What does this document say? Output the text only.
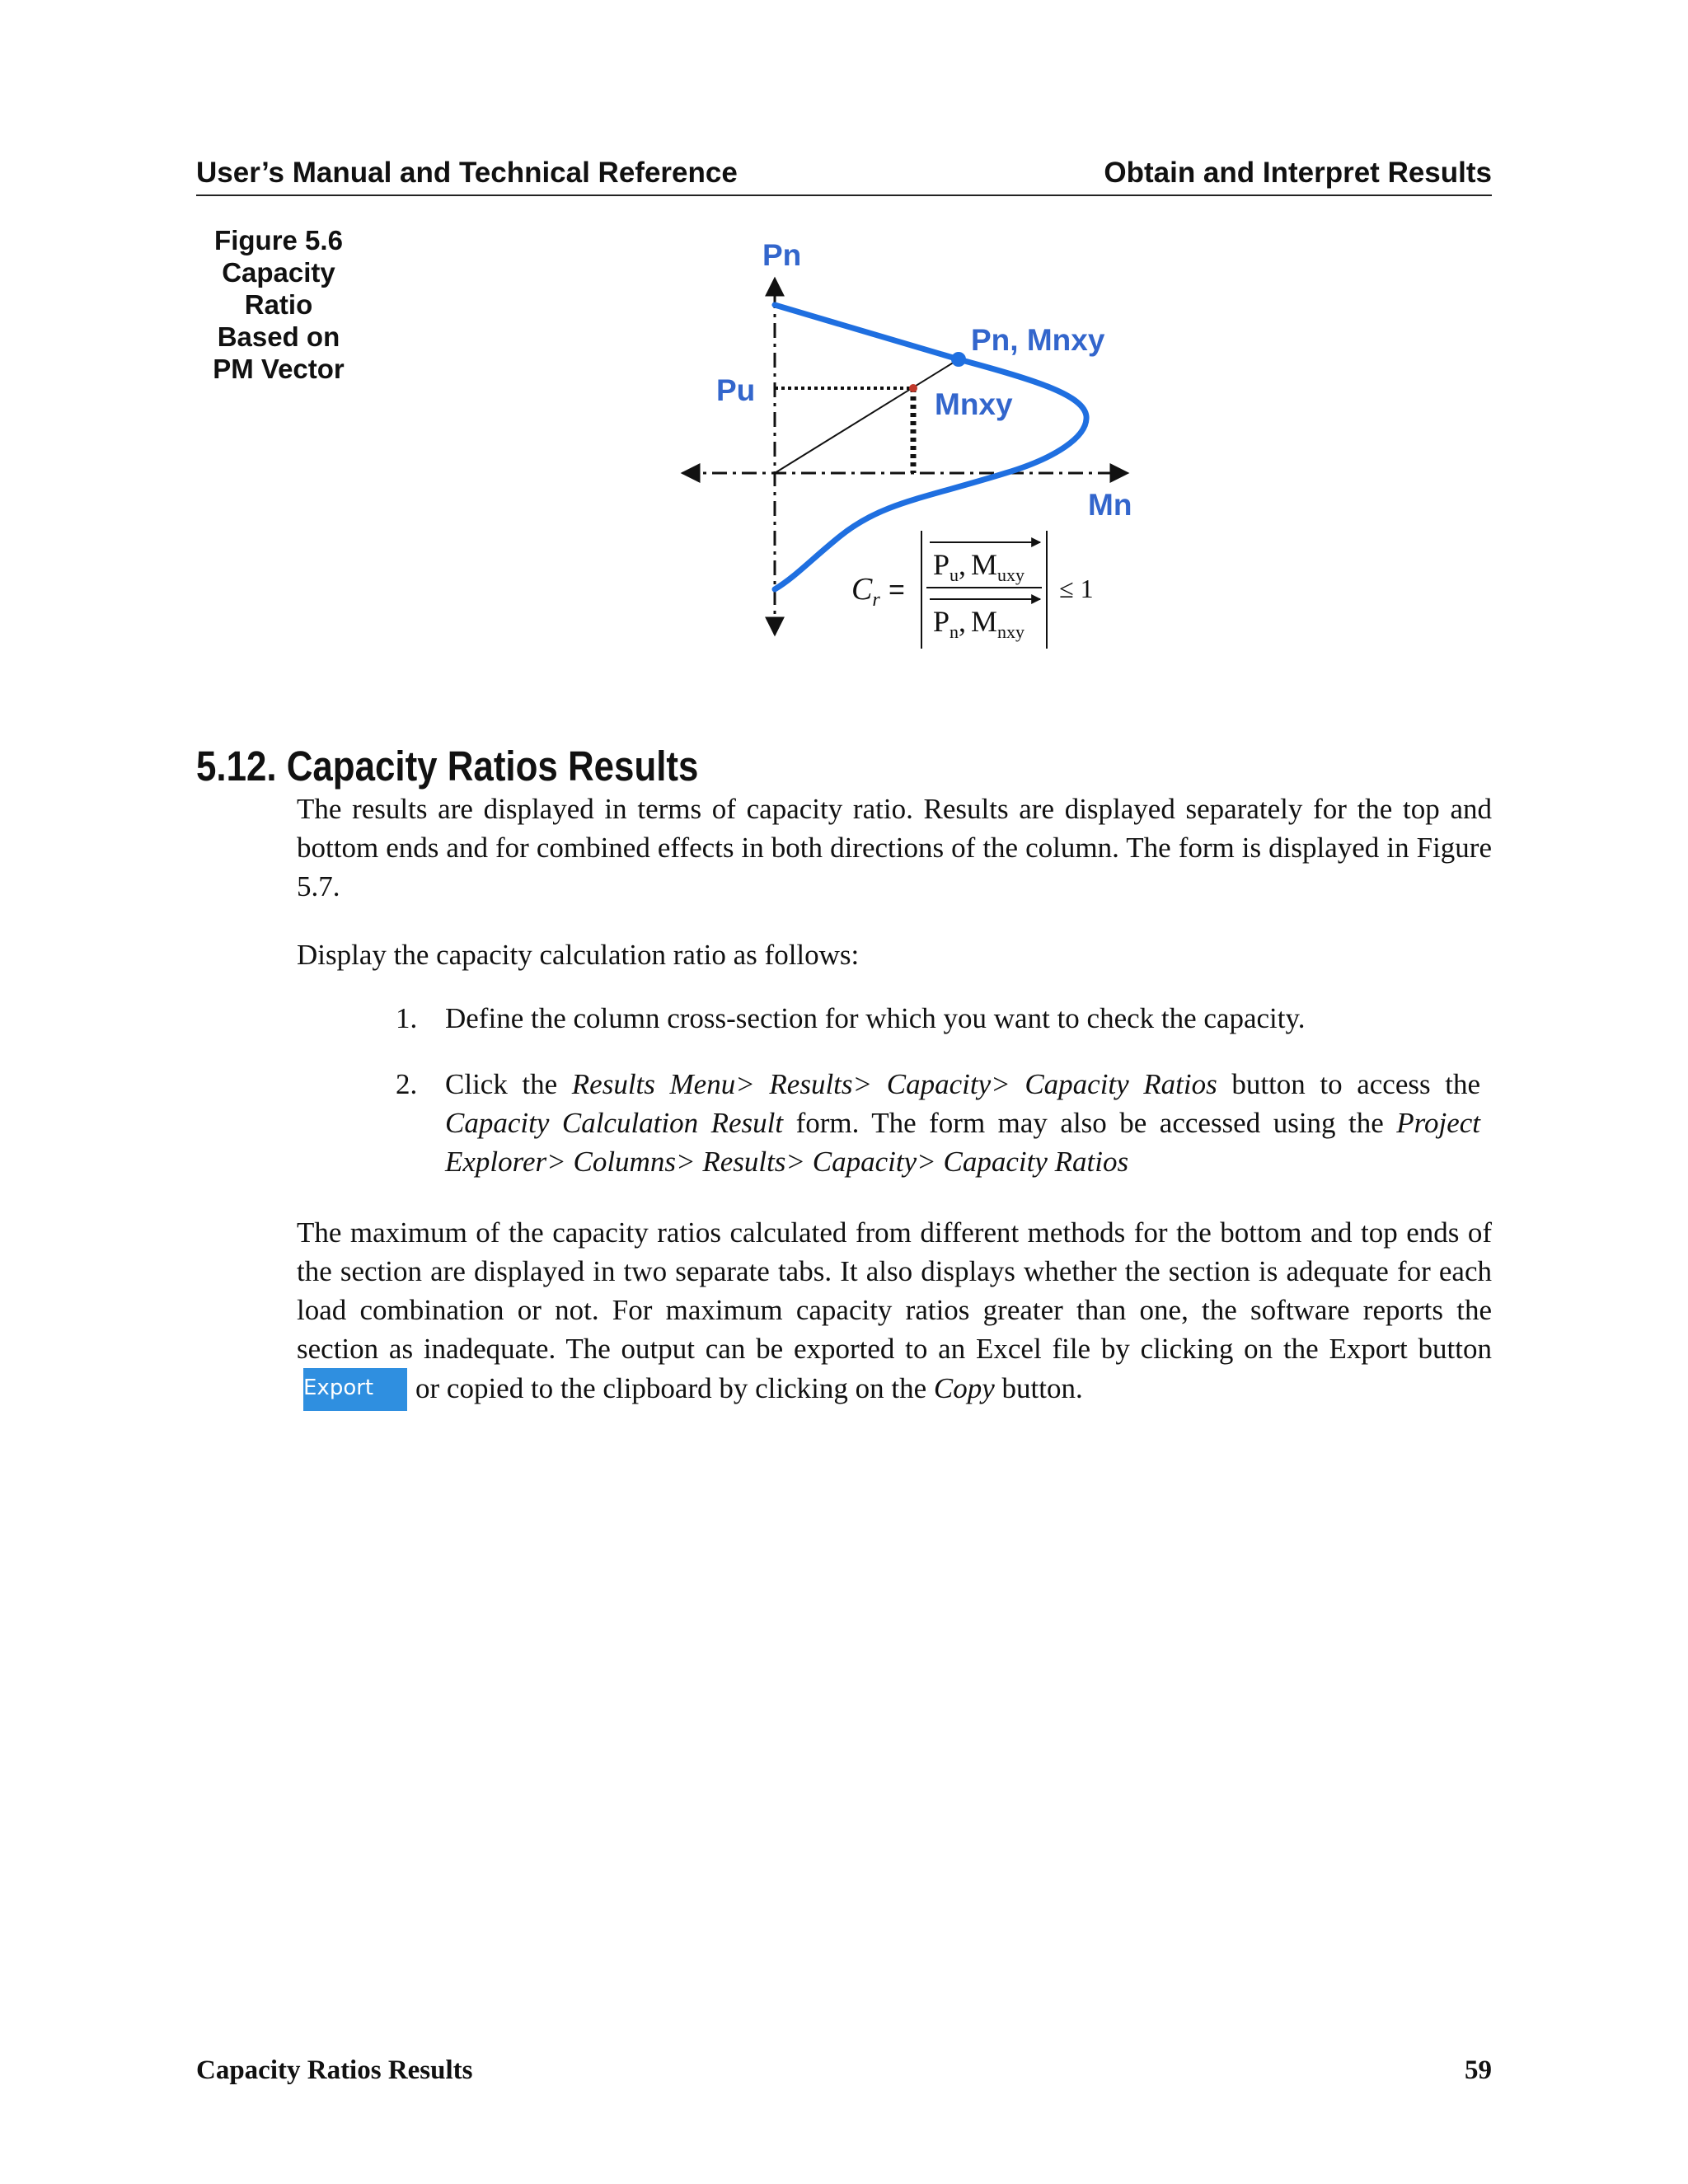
User’s Manual and Technical Reference	Obtain and Interpret Results
Figure 5.6
Capacity
Ratio
Based on
PM Vector
Pn
Pn, Mnxy
Pu	Mnxy
Mn
$C_r$ =
$P_u$, $M_{uxy}$
$P_n$, $M_{nxy}$
≤ 1
5.12. Capacity Ratios Results
The results are displayed in terms of capacity ratio. Results are displayed separately for the top and bottom ends and for combined effects in both directions of the column. The form is displayed in Figure 5.7.
Display the capacity calculation ratio as follows:
1. Define the column cross-section for which you want to check the capacity.
2. Click the Results Menu> Results> Capacity> Capacity Ratios button to access the Capacity Calculation Result form. The form may also be accessed using the Project Explorer> Columns> Results> Capacity> Capacity Ratios
The maximum of the capacity ratios calculated from different methods for the bottom and top ends of the section are displayed in two separate tabs. It also displays whether the section is adequate for each load combination or not. For maximum capacity ratios greater than one, the software reports the section as inadequate. The output can be exported to an Excel file by clicking on the Export buttonExport or copied to the clipboard by clicking on the Copy button.
Capacity Ratios Results	59
